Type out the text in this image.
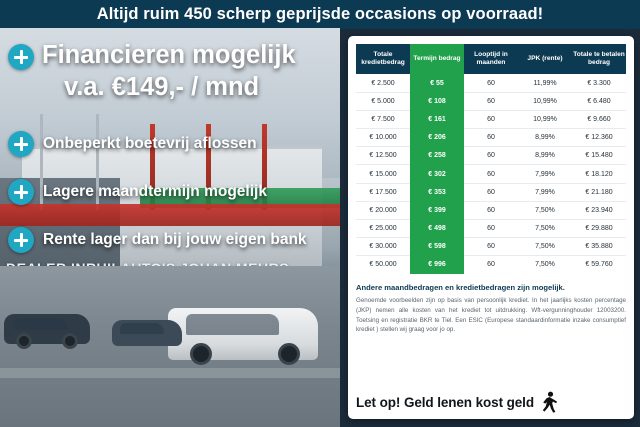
Altijd ruim 450 scherp geprijsde occasions op voorraad!
Financieren mogelijk
v.a. €149,- / mnd
Onbeperkt boetevrij aflossen
Lagere maandtermijn mogelijk
Rente lager dan bij jouw eigen bank
Totale kredietbedrag	Termijn bedrag	Looptijd in maanden	JPK (rente)	Totale te betalen bedrag
€ 2.500	€ 55	60	11,99%	€ 3.300
€ 5.000	€ 108	60	10,99%	€ 6.480
€ 7.500	€ 161	60	10,99%	€ 9.660
€ 10.000	€ 206	60	8,99%	€ 12.360
€ 12.500	€ 258	60	8,99%	€ 15.480
€ 15.000	€ 302	60	7,99%	€ 18.120
€ 17.500	€ 353	60	7,99%	€ 21.180
€ 20.000	€ 399	60	7,50%	€ 23.940
€ 25.000	€ 498	60	7,50%	€ 29.880
€ 30.000	€ 598	60	7,50%	€ 35.880
€ 50.000	€ 996	60	7,50%	€ 59.760
Andere maandbedragen en kredietbedragen zijn mogelijk.
Genoemde voorbeelden zijn op basis van persoonlijk krediet. In het jaarlijks kosten percentage (JKP) nemen alle kosten van het krediet tot uitdrukking. Wft-vergunninghouder 12003200. Toetsing en registratie BKR te Tiel. Een ESIC (Europese standaardinformatie inzake consumptief krediet ) stellen wij graag voor jo op.
Let op! Geld lenen kost geld
